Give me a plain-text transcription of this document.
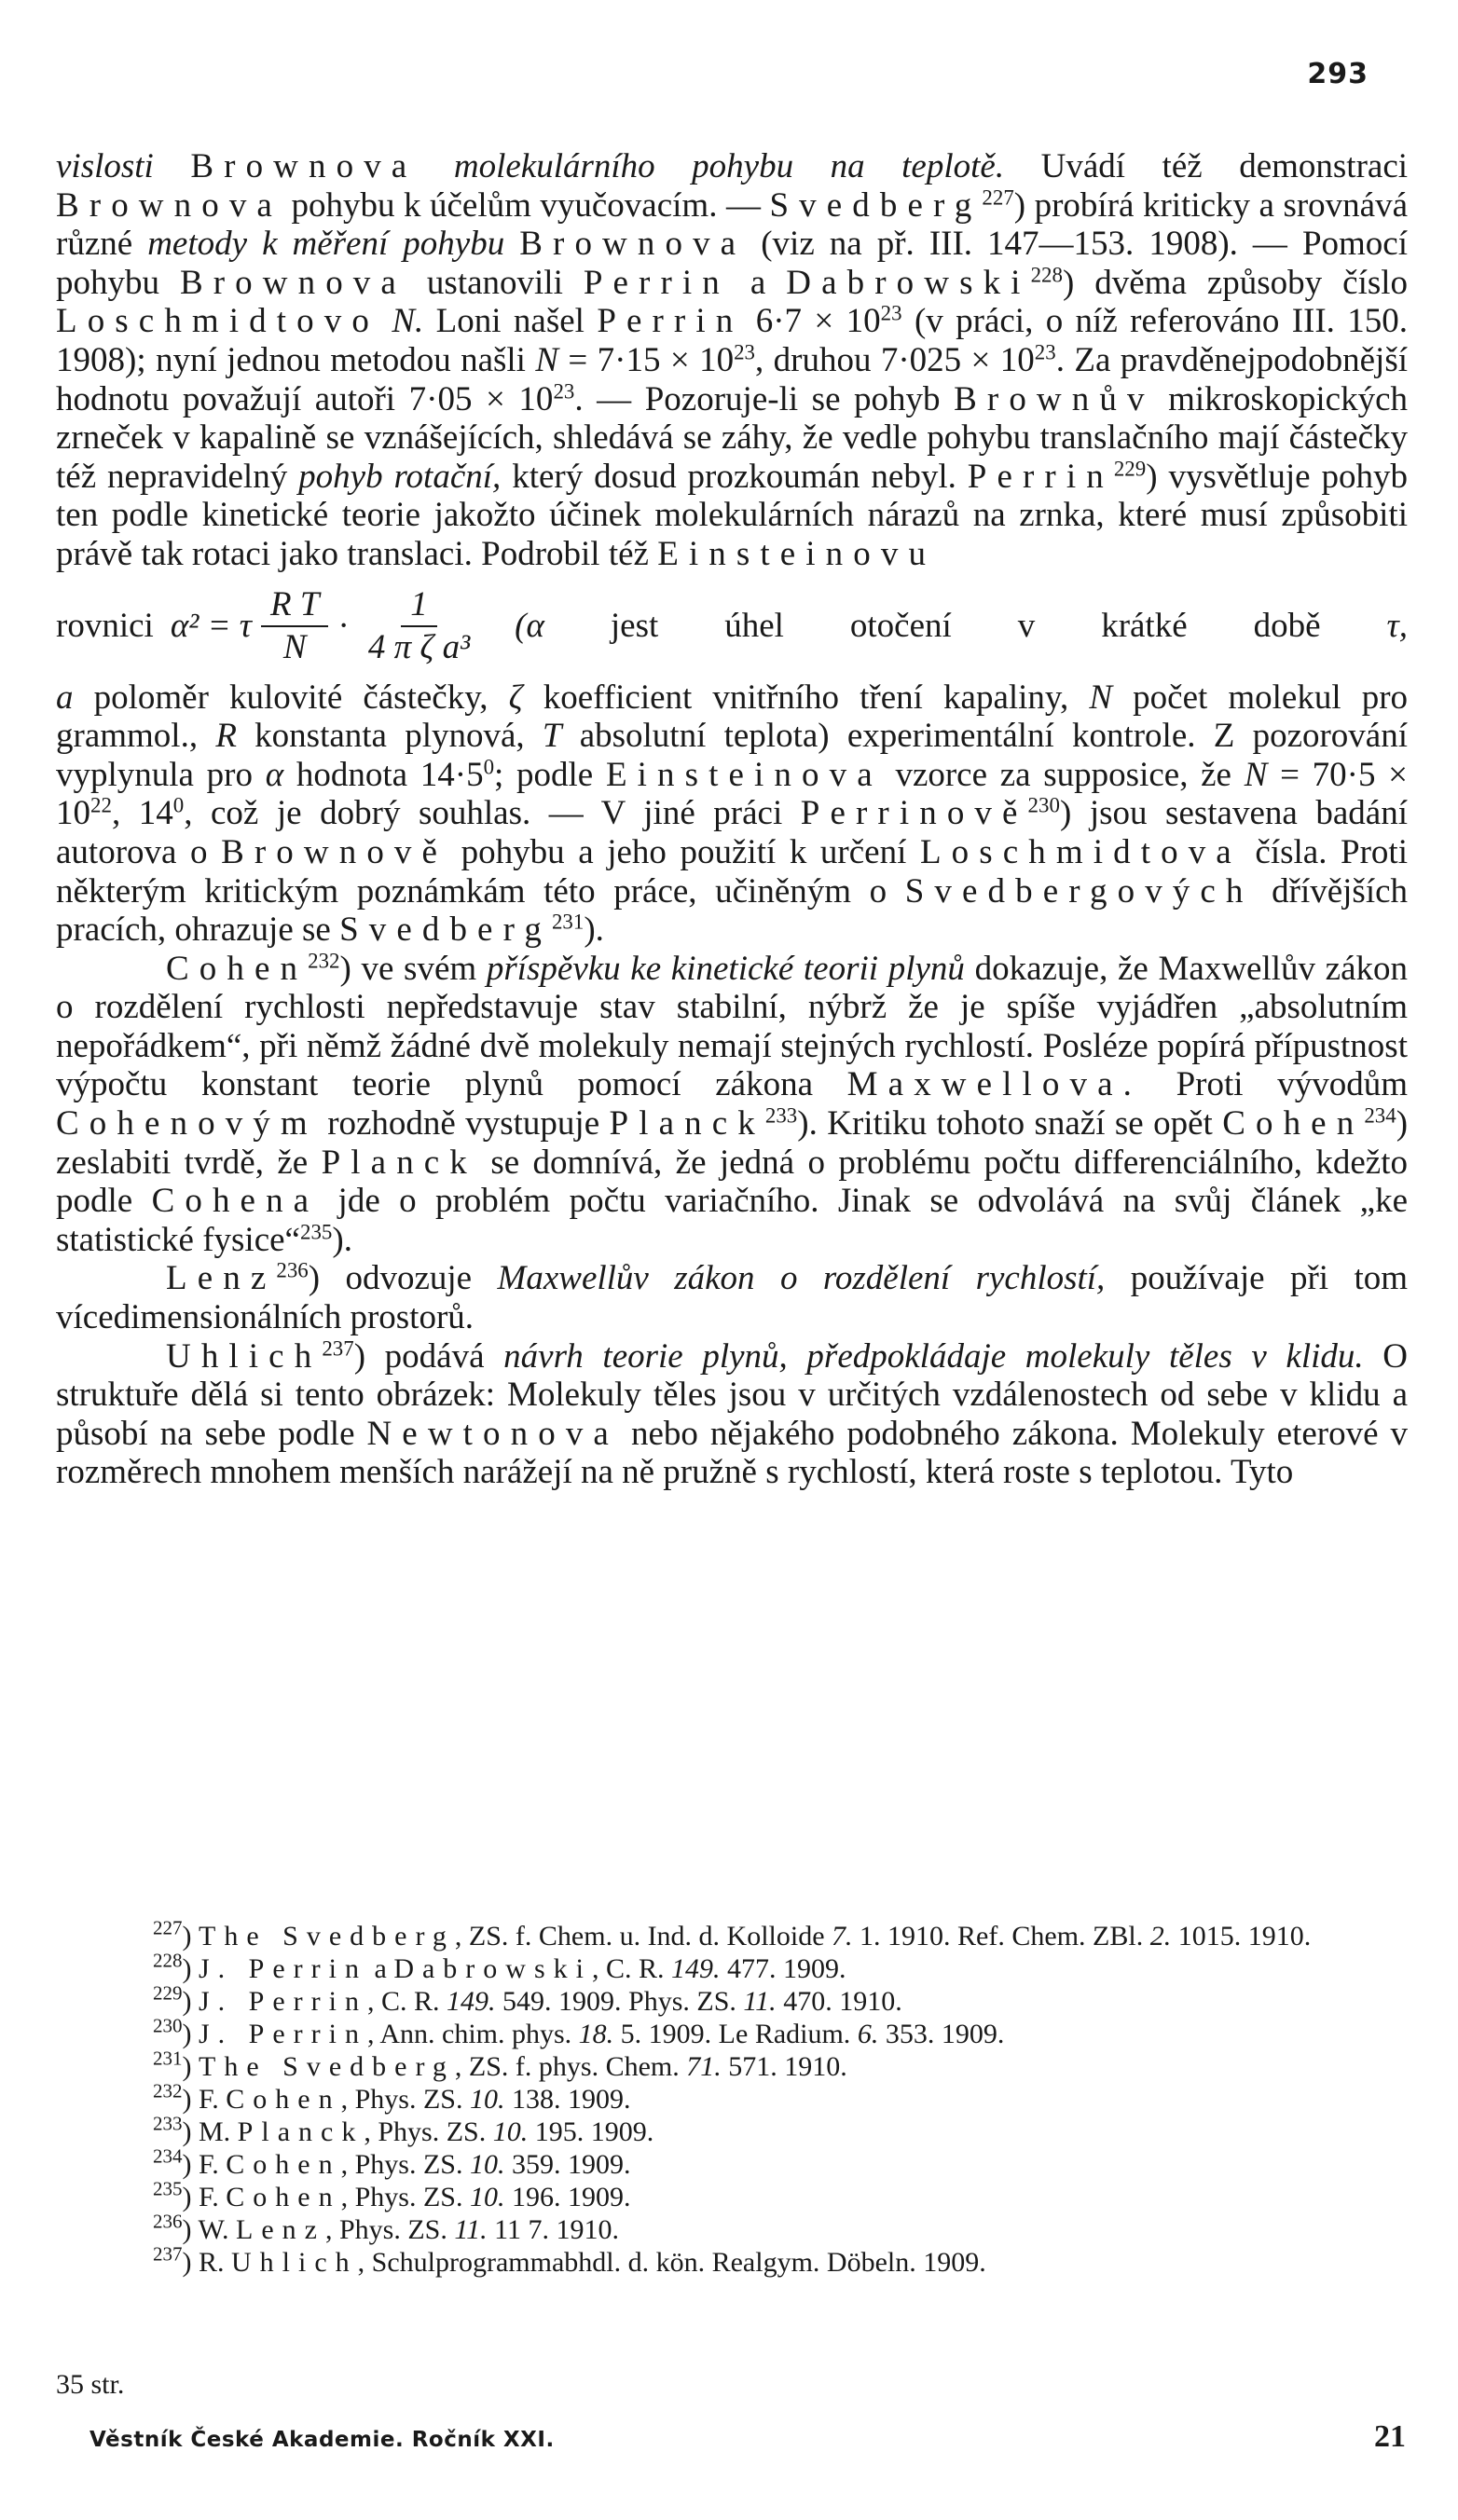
293

vislosti Brownova molekulárního pohybu na teplotě. Uvádí též demonstraci Brownova pohybu k účelům vyučovacím. — Svedberg$^{227}$) probírá kriticky a srovnává různé metody k měření pohybu Brownova (viz na př. III. 147—153. 1908). — Pomocí pohybu Brownova ustanovili Perrin a Dabrowski$^{228}$) dvěma způsoby číslo Loschmidtovo N. Loni našel Perrin $6\cdot 7 \times 10^{23}$ (v práci, o níž referováno III. 150. 1908); nyní jednou metodou našli $N = 7\cdot 15 \times 10^{23}$, druhou $7\cdot 025 \times 10^{23}$. Za pravděnejpodobnější hodnotu považují autoři $7\cdot 05 \times 10^{23}$. — Pozoruje-li se pohyb Brownův mikroskopických zrneček v kapalině se vznášejících, shledává se záhy, že vedle pohybu translačního mají částečky též nepravidelný pohyb rotační, který dosud prozkoumán nebyl. Perrin$^{229}$) vysvětluje pohyb ten podle kinetické teorie jakožto účinek molekulárních nárazů na zrnka, které musí způsobiti právě tak rotaci jako translaci. Podrobil též Einsteinovu

rovnici α² = τ $\frac{\text{R T}}{N} \cdot \frac{1}{\text{4 π ζ a³}} (\alpha$ jest úhel otočení v krátké době τ,

a poloměr kulovité částečky, ζ koefficient vnitřního tření kapaliny, N počet molekul pro grammol., R konstanta plynová, T absolutní teplota) experimentální kontrole. Z pozorování vyplynula pro α hodnota $14\cdot 5^0$; podle Einsteinova vzorce za supposice, že $N = 70\cdot 5 \times 10^{22}$, $14^0$, což je dobrý souhlas. — V jiné práci Perrinově$^{230}$) jsou sestavena badání autorova o Brownově pohybu a jeho použití k určení Loschmidtova čísla. Proti některým kritickým poznámkám této práce, učiněným o Svedbergových dřívějších pracích, ohrazuje se Svedberg$^{231}$).

Cohen$^{232}$) ve svém příspěvku ke kinetické teorii plynů dokazuje, že Maxwellův zákon o rozdělení rychlosti nepředstavuje stav stabilní, nýbrž že je spíše vyjádřen „absolutním nepořádkem“, při němž žádné dvě molekuly nemají stejných rychlostí. Posléze popírá přípustnost výpočtu konstant teorie plynů pomocí zákona Maxwellova. Proti vývodům Cohenovým rozhodně vystupuje Planck$^{233}$). Kritiku tohoto snaží se opět Cohen$^{234}$) zeslabiti tvrdě, že Planck se domnívá, že jedná o problému počtu differenciálního, kdežto podle Cohena jde o problém počtu variačního. Jinak se odvolává na svůj článek „ke statistické fysice“$^{235}$).

Lenz$^{236}$) odvozuje Maxwellův zákon o rozdělení rychlostí, používaje při tom vícedimensionálních prostorů.

Uhlich$^{237}$) podává návrh teorie plynů, předpokládaje molekuly těles v klidu. O struktuře dělá si tento obrázek: Molekuly těles jsou v určitých vzdálenostech od sebe v klidu a působí na sebe podle Newtonova nebo nějakého podobného zákona. Molekuly eterové v rozměrech mnohem menších narážejí na ně pružně s rychlostí, která roste s teplotou. Tyto

$^{227}$) The Svedberg, ZS. f. Chem. u. Ind. d. Kolloide 7. 1. 1910. Ref. Chem. ZBl. 2. 1015. 1910.

$^{228}$) J. Perrin a Dabrowski, C. R. 149. 477. 1909.

$^{229}$) J. Perrin, C. R. 149. 549. 1909. Phys. ZS. 11. 470. 1910.

$^{230}$) J. Perrin, Ann. chim. phys. 18. 5. 1909. Le Radium. 6. 353. 1909.

$^{231}$) The Svedberg, ZS. f. phys. Chem. 71. 571. 1910.

$^{232}$) F. Cohen, Phys. ZS. 10. 138. 1909.

$^{233}$) M. Planck, Phys. ZS. 10. 195. 1909.

$^{234}$) F. Cohen, Phys. ZS. 10. 359. 1909.

$^{235}$) F. Cohen, Phys. ZS. 10. 196. 1909.

$^{236}$) W. Lenz, Phys. ZS. 11. 11 7. 1910.

$^{237}$) R. Uhlich, Schulprogrammabhdl. d. kön. Realgym. Döbeln. 1909.

35 str.
Věstník České Akademie. Ročník XXI.	21
